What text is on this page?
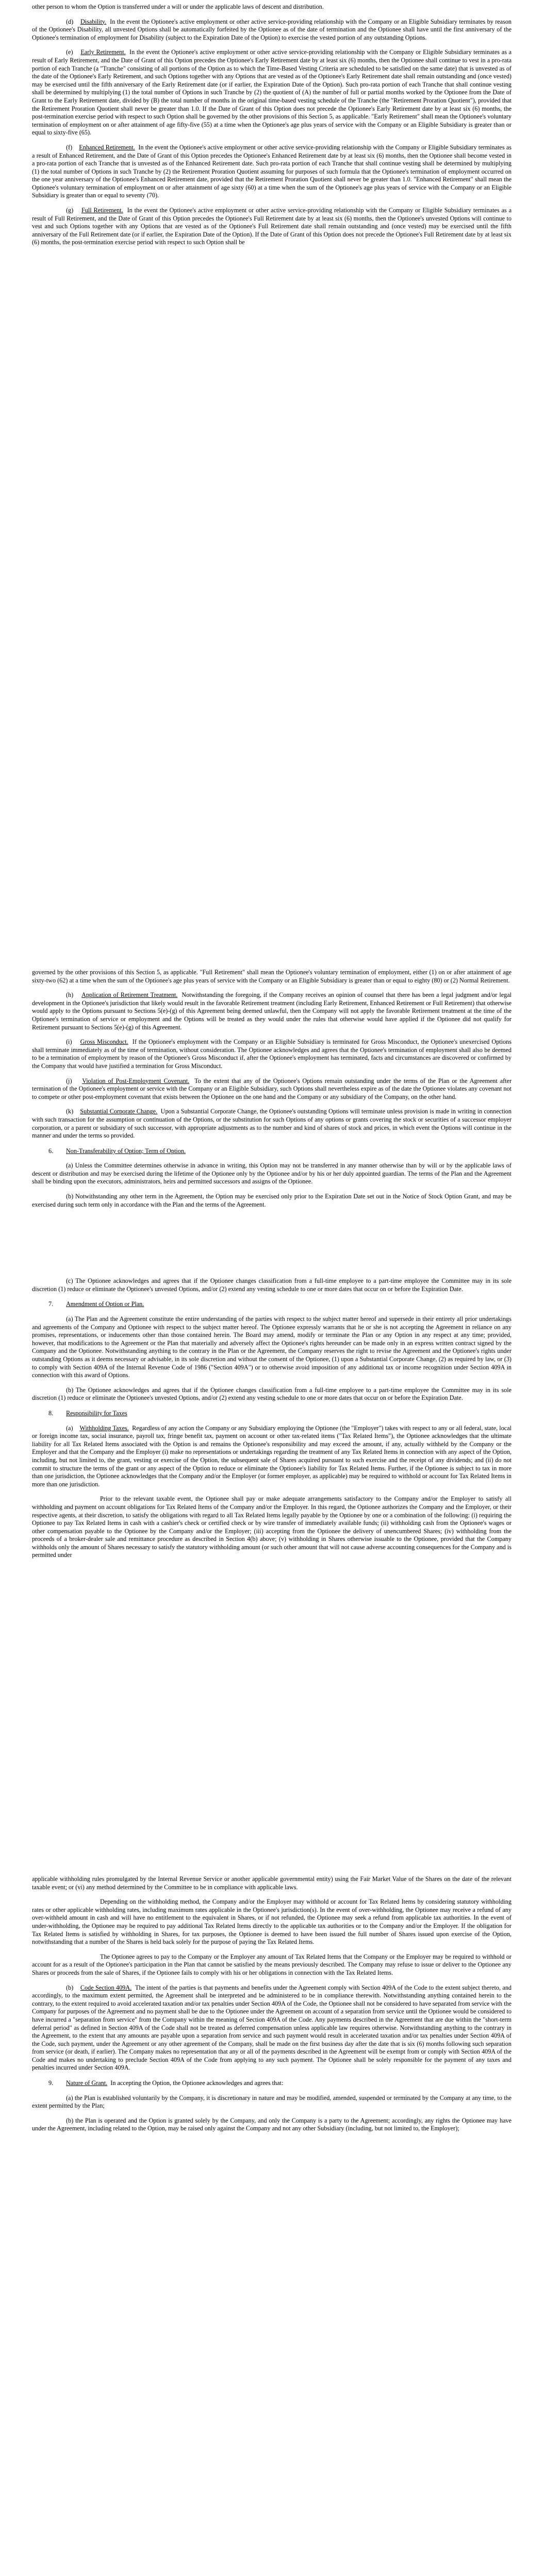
other person to whom the Option is transferred under a will or under the applicable laws of descent and distribution.

(d) Disability. In the event the Optionee's active employment or other active service-providing relationship with the Company or an Eligible Subsidiary terminates by reason of the Optionee's Disability, all unvested Options shall be automatically forfeited by the Optionee as of the date of termination and the Optionee shall have until the first anniversary of the Optionee's termination of employment for Disability (subject to the Expiration Date of the Option) to exercise the vested portion of any outstanding Options.

(e) Early Retirement. In the event the Optionee's active employment or other active service-providing relationship with the Company or Eligible Subsidiary terminates as a result of Early Retirement, and the Date of Grant of this Option precedes the Optionee's Early Retirement date by at least six (6) months, then the Optionee shall continue to vest in a pro-rata portion of each Tranche (a "Tranche" consisting of all portions of the Option as to which the Time-Based Vesting Criteria are scheduled to be satisfied on the same date) that is unvested as of the date of the Optionee's Early Retirement, and such Options together with any Options that are vested as of the Optionee's Early Retirement date shall remain outstanding and (once vested) may be exercised until the fifth anniversary of the Early Retirement date (or if earlier, the Expiration Date of the Option). Such pro-rata portion of each Tranche that shall continue vesting shall be determined by multiplying (1) the total number of Options in such Tranche by (2) the quotient of (A) the number of full or partial months worked by the Optionee from the Date of Grant to the Early Retirement date, divided by (B) the total number of months in the original time-based vesting schedule of the Tranche (the "Retirement Proration Quotient"), provided that the Retirement Proration Quotient shall never be greater than 1.0. If the Date of Grant of this Option does not precede the Optionee's Early Retirement date by at least six (6) months, the post-termination exercise period with respect to such Option shall be governed by the other provisions of this Section 5, as applicable. "Early Retirement" shall mean the Optionee's voluntary termination of employment on or after attainment of age fifty-five (55) at a time when the Optionee's age plus years of service with the Company or an Eligible Subsidiary is greater than or equal to sixty-five (65).

(f) Enhanced Retirement. In the event the Optionee's active employment or other active service-providing relationship with the Company or Eligible Subsidiary terminates as a result of Enhanced Retirement, and the Date of Grant of this Option precedes the Optionee's Enhanced Retirement date by at least six (6) months, then the Optionee shall become vested in a pro-rata portion of each Tranche that is unvested as of the Enhanced Retirement date. Such pro-rata portion of each Tranche that shall continue vesting shall be determined by multiplying (1) the total number of Options in such Tranche by (2) the Retirement Proration Quotient assuming for purposes of such formula that the Optionee's termination of employment occurred on the one year anniversary of the Optionee's Enhanced Retirement date, provided that the Retirement Proration Quotient shall never be greater than 1.0. "Enhanced Retirement" shall mean the Optionee's voluntary termination of employment on or after attainment of age sixty (60) at a time when the sum of the Optionee's age plus years of service with the Company or an Eligible Subsidiary is greater than or equal to seventy (70).

(g) Full Retirement. In the event the Optionee's active employment or other active service-providing relationship with the Company or Eligible Subsidiary terminates as a result of Full Retirement, and the Date of Grant of this Option precedes the Optionee's Full Retirement date by at least six (6) months, then the Optionee's unvested Options will continue to vest and such Options together with any Options that are vested as of the Optionee's Full Retirement date shall remain outstanding and (once vested) may be exercised until the fifth anniversary of the Full Retirement date (or if earlier, the Expiration Date of the Option). If the Date of Grant of this Option does not precede the Optionee's Full Retirement date by at least six (6) months, the post-termination exercise period with respect to such Option shall be

governed by the other provisions of this Section 5, as applicable. "Full Retirement" shall mean the Optionee's voluntary termination of employment, either (1) on or after attainment of age sixty-two (62) at a time when the sum of the Optionee's age plus years of service with the Company or an Eligible Subsidiary is greater than or equal to eighty (80) or (2) Normal Retirement.

(h) Application of Retirement Treatment. Notwithstanding the foregoing, if the Company receives an opinion of counsel that there has been a legal judgment and/or legal development in the Optionee's jurisdiction that likely would result in the favorable Retirement treatment (including Early Retirement, Enhanced Retirement or Full Retirement) that otherwise would apply to the Options pursuant to Sections 5(e)-(g) of this Agreement being deemed unlawful, then the Company will not apply the favorable Retirement treatment at the time of the Optionee's termination of service or employment and the Options will be treated as they would under the rules that otherwise would have applied if the Optionee did not qualify for Retirement pursuant to Sections 5(e)-(g) of this Agreement.

(i) Gross Misconduct. If the Optionee's employment with the Company or an Eligible Subsidiary is terminated for Gross Misconduct, the Optionee's unexercised Options shall terminate immediately as of the time of termination, without consideration. The Optionee acknowledges and agrees that the Optionee's termination of employment shall also be deemed to be a termination of employment by reason of the Optionee's Gross Misconduct if, after the Optionee's employment has terminated, facts and circumstances are discovered or confirmed by the Company that would have justified a termination for Gross Misconduct.

(j) Violation of Post-Employment Covenant. To the extent that any of the Optionee's Options remain outstanding under the terms of the Plan or the Agreement after termination of the Optionee's employment or service with the Company or an Eligible Subsidiary, such Options shall nevertheless expire as of the date the Optionee violates any covenant not to compete or other post-employment covenant that exists between the Optionee on the one hand and the Company or any subsidiary of the Company, on the other hand.

(k) Substantial Corporate Change. Upon a Substantial Corporate Change, the Optionee's outstanding Options will terminate unless provision is made in writing in connection with such transaction for the assumption or continuation of the Options, or the substitution for such Options of any options or grants covering the stock or securities of a successor employer corporation, or a parent or subsidiary of such successor, with appropriate adjustments as to the number and kind of shares of stock and prices, in which event the Options will continue in the manner and under the terms so provided.

6. Non-Transferability of Option; Term of Option.

(a) Unless the Committee determines otherwise in advance in writing, this Option may not be transferred in any manner otherwise than by will or by the applicable laws of descent or distribution and may be exercised during the lifetime of the Optionee only by the Optionee and/or by his or her duly appointed guardian. The terms of the Plan and the Agreement shall be binding upon the executors, administrators, heirs and permitted successors and assigns of the Optionee.

(b) Notwithstanding any other term in the Agreement, the Option may be exercised only prior to the Expiration Date set out in the Notice of Stock Option Grant, and may be exercised during such term only in accordance with the Plan and the terms of the Agreement.

(c) The Optionee acknowledges and agrees that if the Optionee changes classification from a full-time employee to a part-time employee the Committee may in its sole discretion (1) reduce or eliminate the Optionee's unvested Options, and/or (2) extend any vesting schedule to one or more dates that occur on or before the Expiration Date.

7. Amendment of Option or Plan.

(a) The Plan and the Agreement constitute the entire understanding of the parties with respect to the subject matter hereof and supersede in their entirety all prior undertakings and agreements of the Company and Optionee with respect to the subject matter hereof. The Optionee expressly warrants that he or she is not accepting the Agreement in reliance on any promises, representations, or inducements other than those contained herein. The Board may amend, modify or terminate the Plan or any Option in any respect at any time; provided, however, that modifications to the Agreement or the Plan that materially and adversely affect the Optionee's rights hereunder can be made only in an express written contract signed by the Company and the Optionee. Notwithstanding anything to the contrary in the Plan or the Agreement, the Company reserves the right to revise the Agreement and the Optionee's rights under outstanding Options as it deems necessary or advisable, in its sole discretion and without the consent of the Optionee, (1) upon a Substantial Corporate Change, (2) as required by law, or (3) to comply with Section 409A of the Internal Revenue Code of 1986 ("Section 409A") or to otherwise avoid imposition of any additional tax or income recognition under Section 409A in connection with this award of Options.

(b) The Optionee acknowledges and agrees that if the Optionee changes classification from a full-time employee to a part-time employee the Committee may in its sole discretion (1) reduce or eliminate the Optionee's unvested Options, and/or (2) extend any vesting schedule to one or more dates that occur on or before the Expiration Date.

8. Responsibility for Taxes

(a) Withholding Taxes. Regardless of any action the Company or any Subsidiary employing the Optionee (the "Employer") takes with respect to any or all federal, state, local or foreign income tax, social insurance, payroll tax, fringe benefit tax, payment on account or other tax-related items ("Tax Related Items"), the Optionee acknowledges that the ultimate liability for all Tax Related Items associated with the Option is and remains the Optionee's responsibility and may exceed the amount, if any, actually withheld by the Company or the Employer and that the Company and the Employer (i) make no representations or undertakings regarding the treatment of any Tax Related Items in connection with any aspect of the Option, including, but not limited to, the grant, vesting or exercise of the Option, the subsequent sale of Shares acquired pursuant to such exercise and the receipt of any dividends; and (ii) do not commit to structure the terms of the grant or any aspect of the Option to reduce or eliminate the Optionee's liability for Tax Related Items. Further, if the Optionee is subject to tax in more than one jurisdiction, the Optionee acknowledges that the Company and/or the Employer (or former employer, as applicable) may be required to withhold or account for Tax Related Items in more than one jurisdiction.

Prior to the relevant taxable event, the Optionee shall pay or make adequate arrangements satisfactory to the Company and/or the Employer to satisfy all withholding and payment on account obligations for Tax Related Items of the Company and/or the Employer. In this regard, the Optionee authorizes the Company and the Employer, or their respective agents, at their discretion, to satisfy the obligations with regard to all Tax Related Items legally payable by the Optionee by one or a combination of the following: (i) requiring the Optionee to pay Tax Related Items in cash with a cashier's check or certified check or by wire transfer of immediately available funds; (ii) withholding cash from the Optionee's wages or other compensation payable to the Optionee by the Company and/or the Employer; (iii) accepting from the Optionee the delivery of unencumbered Shares; (iv) withholding from the proceeds of a broker-dealer sale and remittance procedure as described in Section 4(b) above; (v) withholding in Shares otherwise issuable to the Optionee, provided that the Company withholds only the amount of Shares necessary to satisfy the statutory withholding amount (or such other amount that will not cause adverse accounting consequences for the Company and is permitted under

applicable withholding rules promulgated by the Internal Revenue Service or another applicable governmental entity) using the Fair Market Value of the Shares on the date of the relevant taxable event; or (vi) any method determined by the Committee to be in compliance with applicable laws.

Depending on the withholding method, the Company and/or the Employer may withhold or account for Tax Related Items by considering statutory withholding rates or other applicable withholding rates, including maximum rates applicable in the Optionee's jurisdiction(s). In the event of over-withholding, the Optionee may receive a refund of any over-withheld amount in cash and will have no entitlement to the equivalent in Shares, or if not refunded, the Optionee may seek a refund from applicable tax authorities. In the event of under-withholding, the Optionee may be required to pay additional Tax Related Items directly to the applicable tax authorities or to the Company and/or the Employer. If the obligation for Tax Related Items is satisfied by withholding in Shares, for tax purposes, the Optionee is deemed to have been issued the full number of Shares issued upon exercise of the Option, notwithstanding that a number of the Shares is held back solely for the purpose of paying the Tax Related Items.

The Optionee agrees to pay to the Company or the Employer any amount of Tax Related Items that the Company or the Employer may be required to withhold or account for as a result of the Optionee's participation in the Plan that cannot be satisfied by the means previously described. The Company may refuse to issue or deliver to the Optionee any Shares or proceeds from the sale of Shares, if the Optionee fails to comply with his or her obligations in connection with the Tax Related Items.

(b) Code Section 409A. The intent of the parties is that payments and benefits under the Agreement comply with Section 409A of the Code to the extent subject thereto, and accordingly, to the maximum extent permitted, the Agreement shall be interpreted and be administered to be in compliance therewith. Notwithstanding anything contained herein to the contrary, to the extent required to avoid accelerated taxation and/or tax penalties under Section 409A of the Code, the Optionee shall not be considered to have separated from service with the Company for purposes of the Agreement and no payment shall be due to the Optionee under the Agreement on account of a separation from service until the Optionee would be considered to have incurred a "separation from service" from the Company within the meaning of Section 409A of the Code. Any payments described in the Agreement that are due within the "short-term deferral period" as defined in Section 409A of the Code shall not be treated as deferred compensation unless applicable law requires otherwise. Notwithstanding anything to the contrary in the Agreement, to the extent that any amounts are payable upon a separation from service and such payment would result in accelerated taxation and/or tax penalties under Section 409A of the Code, such payment, under the Agreement or any other agreement of the Company, shall be made on the first business day after the date that is six (6) months following such separation from service (or death, if earlier). The Company makes no representation that any or all of the payments described in the Agreement will be exempt from or comply with Section 409A of the Code and makes no undertaking to preclude Section 409A of the Code from applying to any such payment. The Optionee shall be solely responsible for the payment of any taxes and penalties incurred under Section 409A.

9. Nature of Grant. In accepting the Option, the Optionee acknowledges and agrees that:

(a) the Plan is established voluntarily by the Company, it is discretionary in nature and may be modified, amended, suspended or terminated by the Company at any time, to the extent permitted by the Plan;

(b) the Plan is operated and the Option is granted solely by the Company, and only the Company is a party to the Agreement; accordingly, any rights the Optionee may have under the Agreement, including related to the Option, may be raised only against the Company and not any other Subsidiary (including, but not limited to, the Employer);
